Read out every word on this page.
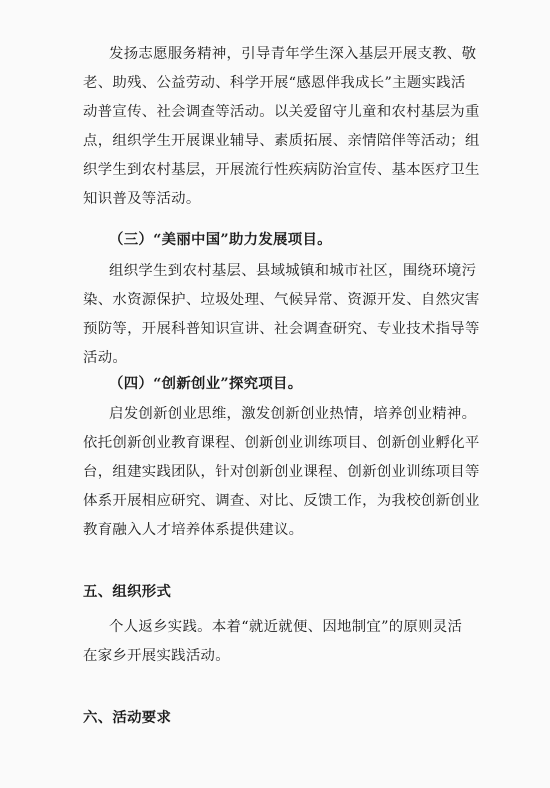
发扬志愿服务精神，引导青年学生深入基层开展支教、敬
老、助残、公益劳动、科学开展“感恩伴我成长”主题实践活
动普宣传、社会调查等活动。以关爱留守儿童和农村基层为重
点，组织学生开展课业辅导、素质拓展、亲情陪伴等活动；组
织学生到农村基层，开展流行性疾病防治宣传、基本医疗卫生
知识普及等活动。
（三）“美丽中国”助力发展项目。
组织学生到农村基层、县域城镇和城市社区，围绕环境污
染、水资源保护、垃圾处理、气候异常、资源开发、自然灾害
预防等，开展科普知识宣讲、社会调查研究、专业技术指导等
活动。
（四）“创新创业”探究项目。
启发创新创业思维，激发创新创业热情，培养创业精神。
依托创新创业教育课程、创新创业训练项目、创新创业孵化平
台，组建实践团队，针对创新创业课程、创新创业训练项目等
体系开展相应研究、调查、对比、反馈工作，为我校创新创业
教育融入人才培养体系提供建议。
五、组织形式
个人返乡实践。本着“就近就便、因地制宜”的原则灵活
在家乡开展实践活动。
六、活动要求
